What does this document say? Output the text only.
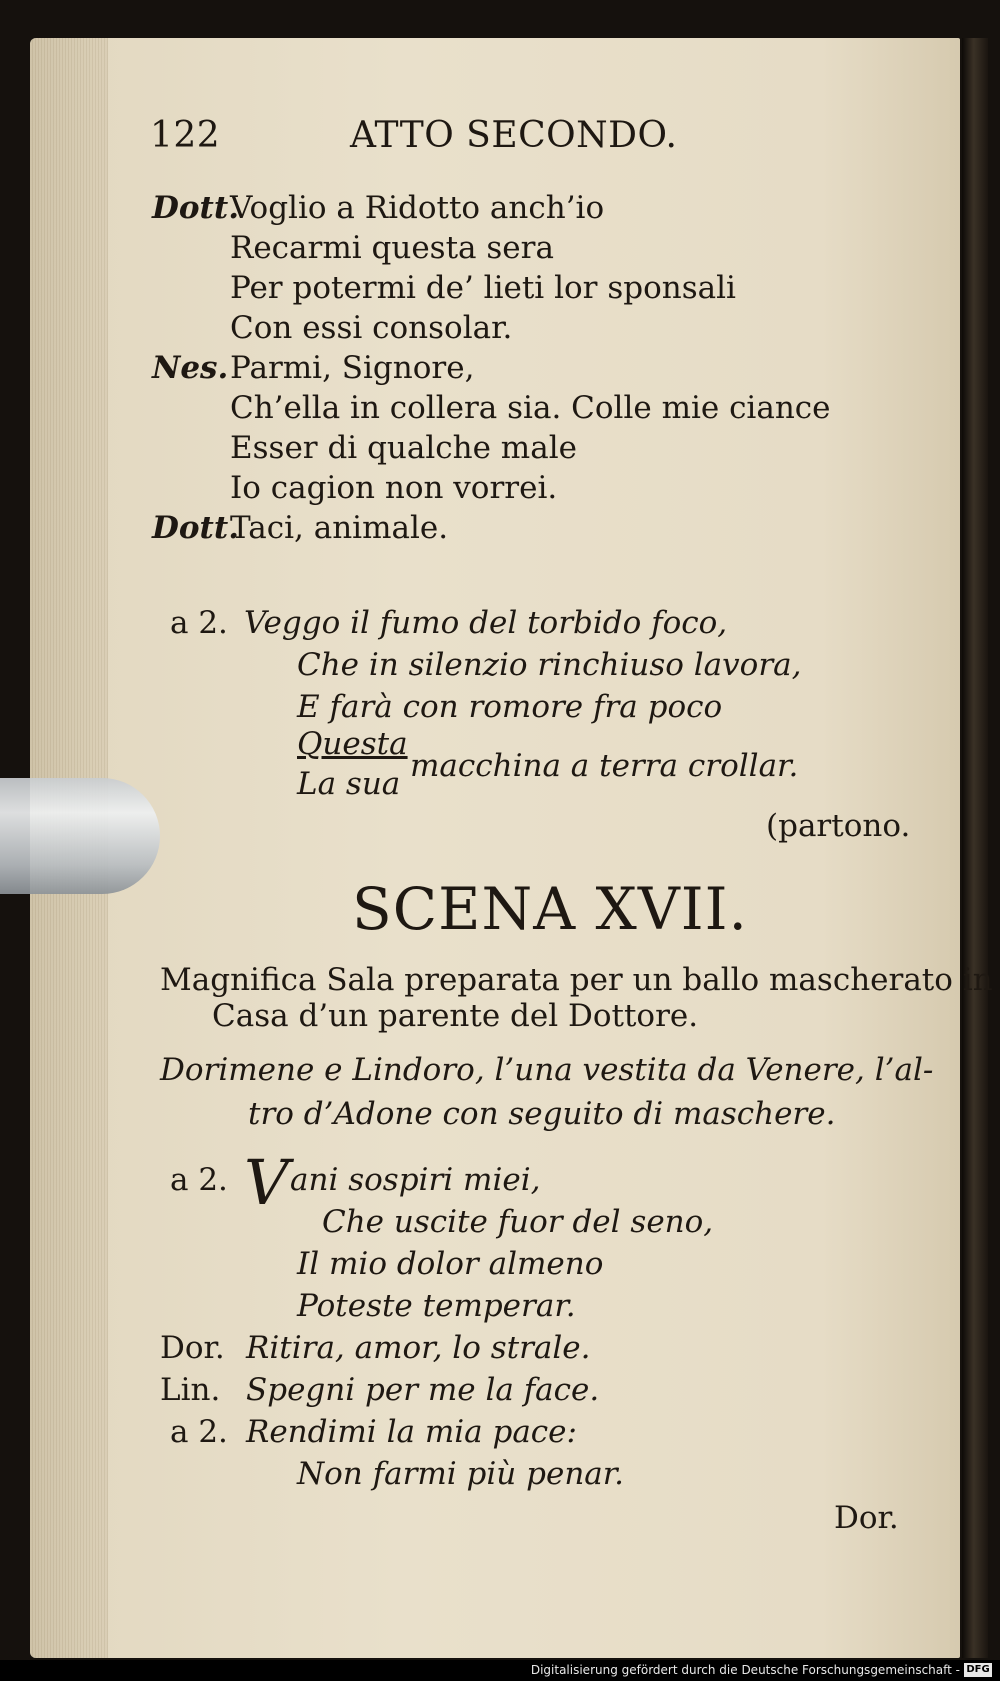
122	ATTO SECONDO.
Dott.
Voglio a Ridotto anch’io
Recarmi questa sera
Per potermi de’ lieti lor sponsali
Con essi consolar.
Nes. Parmi, Signore,
Ch’ella in collera sia. Colle mie ciance
Esser di qualche male
Io cagion non vorrei.
Dott.
Taci, animale.
a 2. Veggo il fumo del torbido foco,
Che in silenzio rinchiuso lavora,
E farà con romore fra poco
Questa
La sua macchina a terra crollar.
(partono.
SCENA XVII.
Magnifica Sala preparata per un ballo mascherato in
Casa d’un parente del Dottore.
Dorimene e Lindoro, l’una vestita da Venere, l’al-
tro d’Adone con seguito di maschere.
a 2. V ani sospiri miei,
Che uscite fuor del seno,
Il mio dolor almeno
Poteste temperar.
Dor. Ritira, amor, lo strale.
Lin. Spegni per me la face.
a 2. Rendimi la mia pace:
Non farmi più penar.
Dor.
Digitalisierung gefördert durch die Deutsche Forschungsgemeinschaft - DFG
